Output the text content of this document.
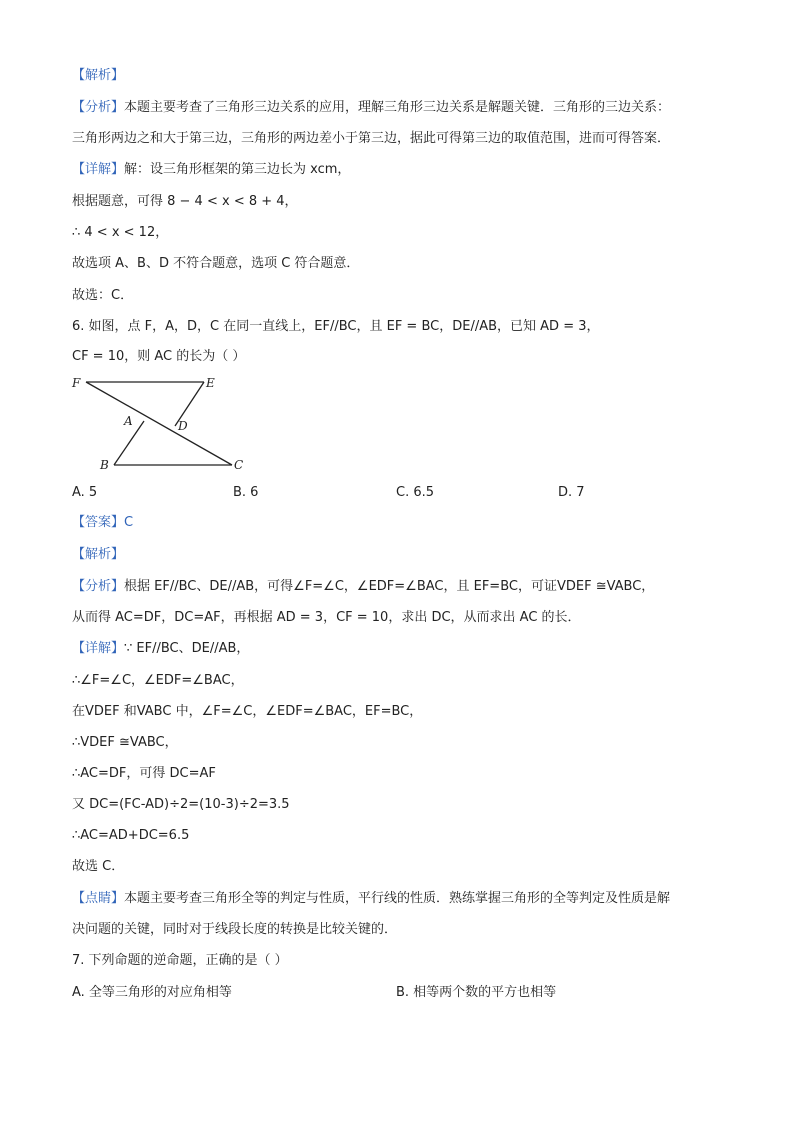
【解析】
【分析】本题主要考查了三角形三边关系的应用，理解三角形三边关系是解题关键．三角形的三边关系：
三角形两边之和大于第三边，三角形的两边差小于第三边，据此可得第三边的取值范围，进而可得答案．
【详解】解：设三角形框架的第三边长为 xcm，
根据题意，可得 8 − 4 < x < 8 + 4，
∴ 4 < x < 12，
故选项 A、B、D 不符合题意，选项 C 符合题意．
故选：C．
6. 如图，点 F，A，D，C 在同一直线上，EF//BC，且 EF = BC，DE//AB，已知 AD = 3，
CF = 10，则 AC 的长为（ ）
F	E
A	D
B	C
A. 5	B. 6	C. 6.5	D. 7
【答案】C
【解析】
【分析】根据 EF//BC、DE//AB，可得∠F=∠C，∠EDF=∠BAC，且 EF=BC，可证VDEF ≅VABC，
从而得 AC=DF，DC=AF，再根据 AD = 3，CF = 10，求出 DC，从而求出 AC 的长．
【详解】∵ EF//BC、DE//AB，
∴∠F=∠C，∠EDF=∠BAC，
在VDEF 和VABC 中，∠F=∠C，∠EDF=∠BAC，EF=BC，
∴VDEF ≅VABC，
∴AC=DF，可得 DC=AF
又 DC=(FC-AD)÷2=(10-3)÷2=3.5
∴AC=AD+DC=6.5
故选 C．
【点睛】本题主要考查三角形全等的判定与性质，平行线的性质．熟练掌握三角形的全等判定及性质是解
决问题的关键，同时对于线段长度的转换是比较关键的．
7. 下列命题的逆命题，正确的是（ ）
A. 全等三角形的对应角相等	B. 相等两个数的平方也相等
